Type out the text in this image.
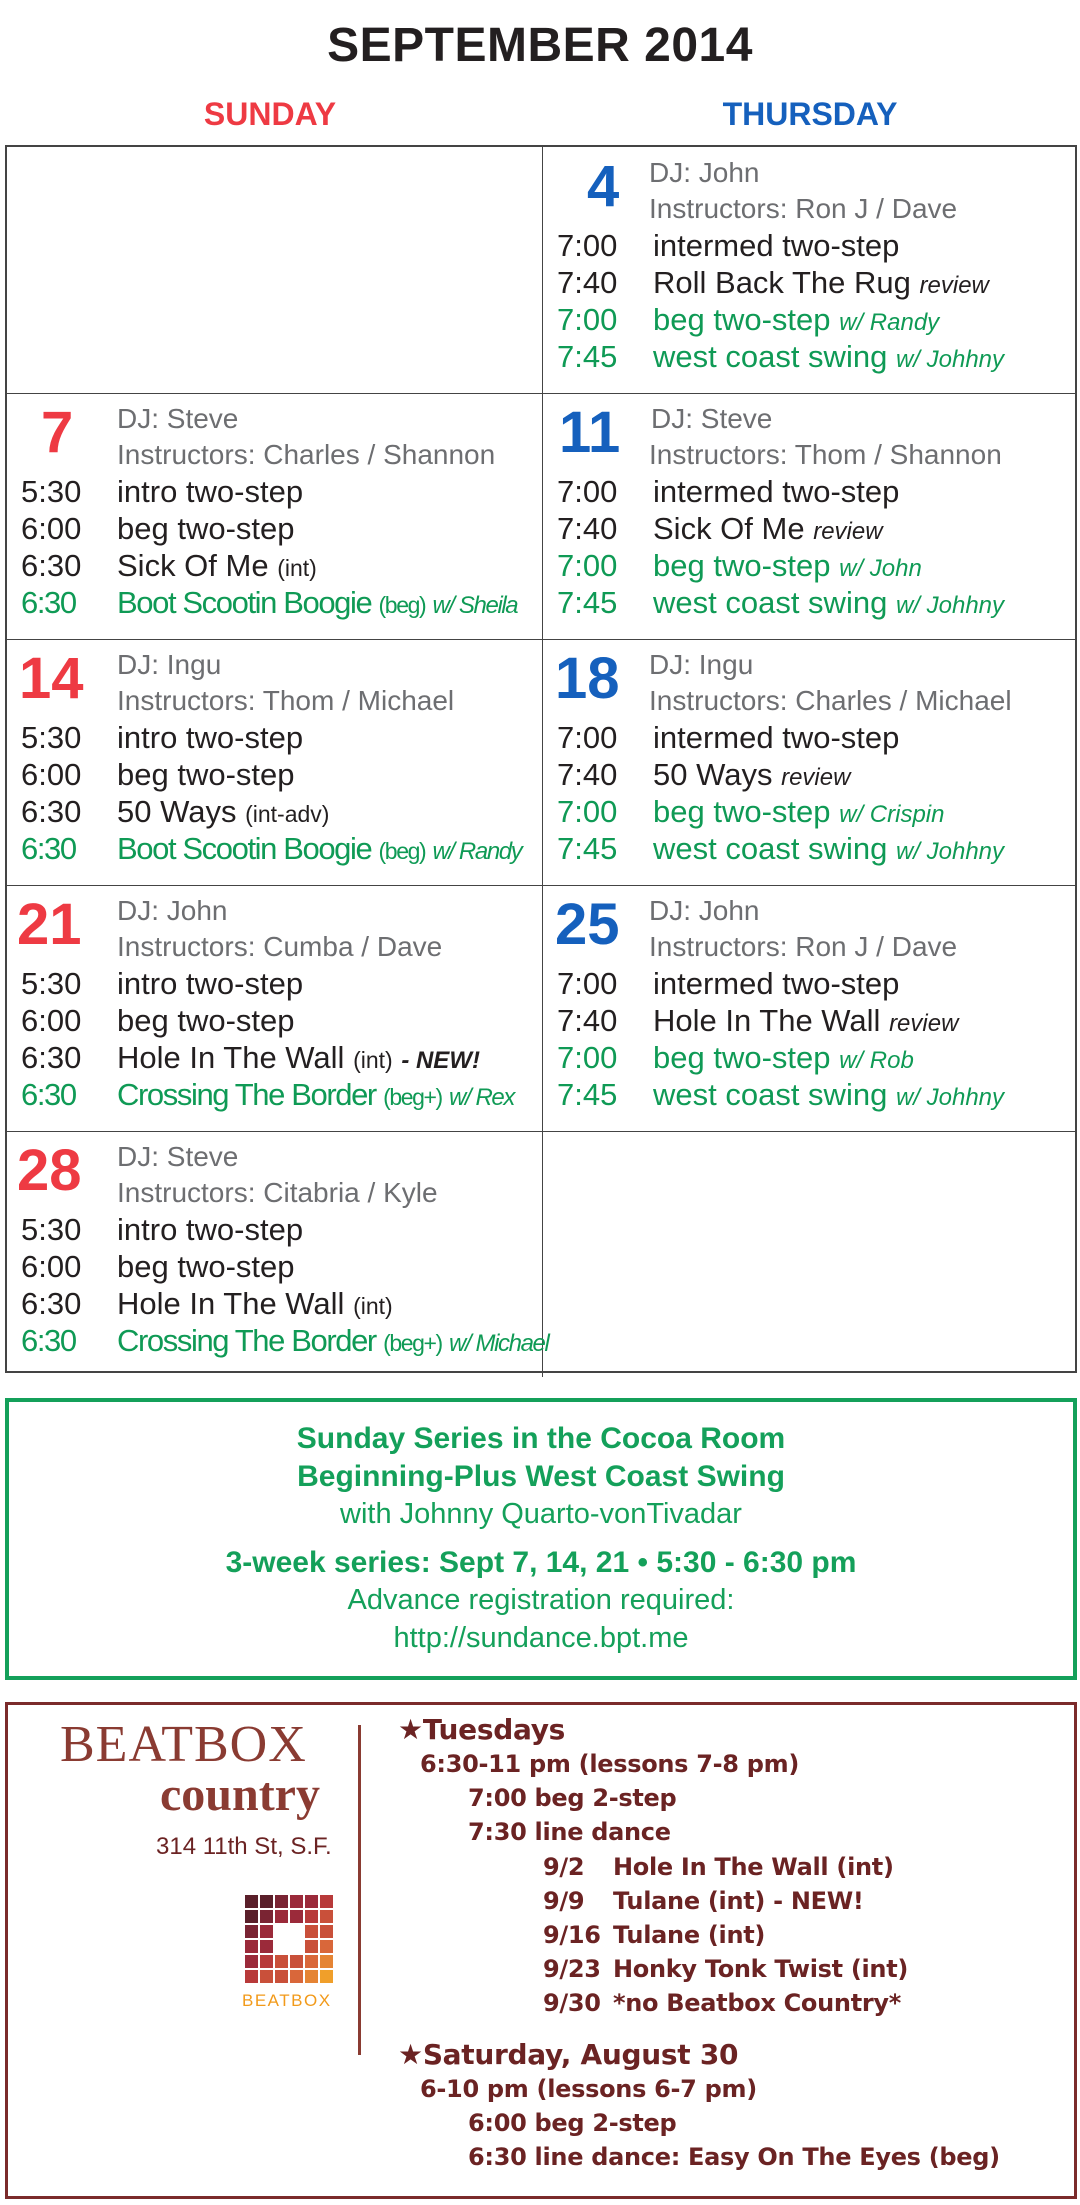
SEPTEMBER 2014
SUNDAY	THURSDAY
4 DJ: John
Instructors: Ron J / Dave
7:00 intermed two-step
7:40 Roll Back The Rug review
7:00 beg two-step w/ Randy
7:45 west coast swing w/ Johhny
7 DJ: Steve
Instructors: Charles / Shannon
5:30 intro two-step
6:00 beg two-step
6:30 Sick Of Me (int)
6:30 Boot Scootin Boogie (beg) w/ Sheila
11 DJ: Steve
Instructors: Thom / Shannon
7:00 intermed two-step
7:40 Sick Of Me review
7:00 beg two-step w/ John
7:45 west coast swing w/ Johhny
14 DJ: Ingu
Instructors: Thom / Michael
5:30 intro two-step
6:00 beg two-step
6:30 50 Ways (int-adv)
6:30 Boot Scootin Boogie (beg) w/ Randy
18 DJ: Ingu
Instructors: Charles / Michael
7:00 intermed two-step
7:40 50 Ways review
7:00 beg two-step w/ Crispin
7:45 west coast swing w/ Johhny
21 DJ: John
Instructors: Cumba / Dave
5:30 intro two-step
6:00 beg two-step
6:30 Hole In The Wall (int) - NEW!
6:30 Crossing The Border (beg+) w/ Rex
25 DJ: John
Instructors: Ron J / Dave
7:00 intermed two-step
7:40 Hole In The Wall review
7:00 beg two-step w/ Rob
7:45 west coast swing w/ Johhny
28 DJ: Steve
Instructors: Citabria / Kyle
5:30 intro two-step
6:00 beg two-step
6:30 Hole In The Wall (int)
6:30 Crossing The Border (beg+) w/ Michael
Sunday Series in the Cocoa Room
Beginning-Plus West Coast Swing
with Johnny Quarto-vonTivadar
3-week series: Sept 7, 14, 21 • 5:30 - 6:30 pm
Advance registration required:
http://sundance.bpt.me
BEATBOX
country
314 11th St, S.F.
BEATBOX
★Tuesdays
6:30-11 pm (lessons 7-8 pm)
7:00 beg 2-step
7:30 line dance
9/2 Hole In The Wall (int)
9/9 Tulane (int) - NEW!
9/16 Tulane (int)
9/23 Honky Tonk Twist (int)
9/30 *no Beatbox Country*
★Saturday, August 30
6-10 pm (lessons 6-7 pm)
6:00 beg 2-step
6:30 line dance: Easy On The Eyes (beg)
